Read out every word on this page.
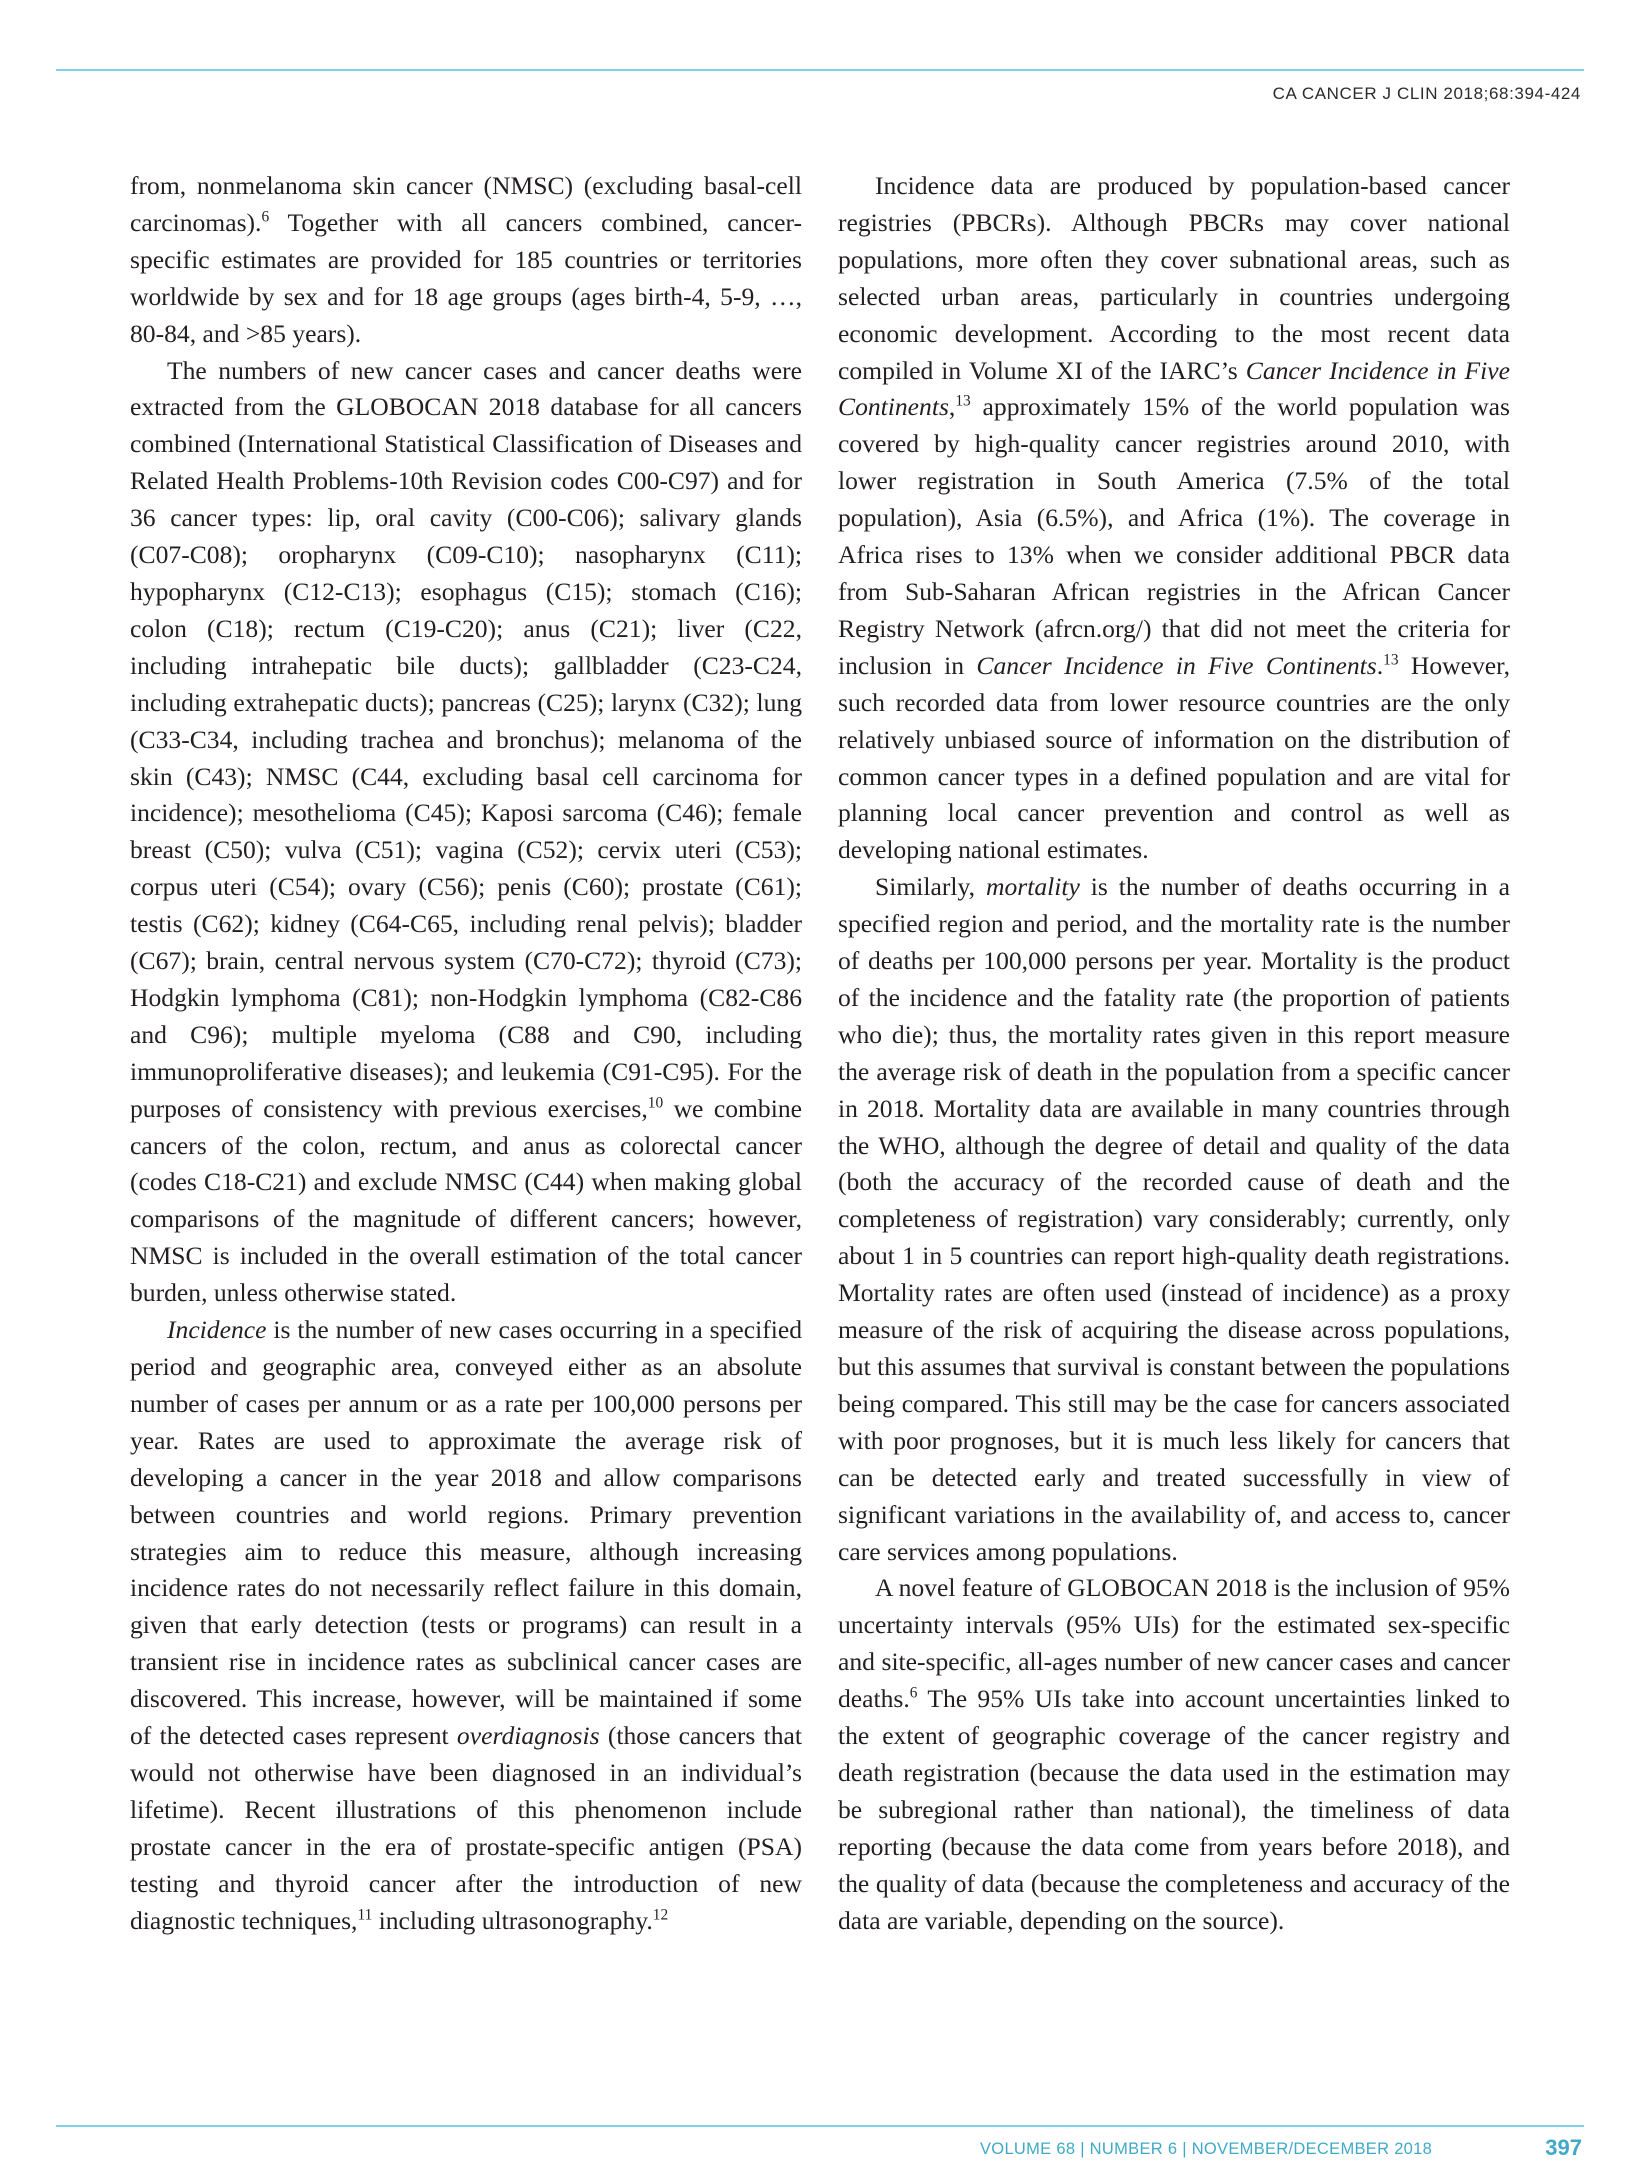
CA CANCER J CLIN 2018;68:394-424

from, nonmelanoma skin cancer (NMSC) (excluding basal-cell carcinomas).$^6$ Together with all cancers combined, cancer-specific estimates are provided for 185 countries or territories worldwide by sex and for 18 age groups (ages birth-4, 5-9, …, 80-84, and >85 years).

The numbers of new cancer cases and cancer deaths were extracted from the GLOBOCAN 2018 database for all cancers combined (International Statistical Classification of Diseases and Related Health Problems-10th Revision codes C00-C97) and for 36 cancer types: lip, oral cavity (C00-C06); salivary glands (C07-C08); oropharynx (C09-C10); nasopharynx (C11); hypopharynx (C12-C13); esophagus (C15); stomach (C16); colon (C18); rectum (C19-C20); anus (C21); liver (C22, including intrahepatic bile ducts); gallbladder (C23-C24, including extrahepatic ducts); pancreas (C25); larynx (C32); lung (C33-C34, including trachea and bronchus); melanoma of the skin (C43); NMSC (C44, excluding basal cell carcinoma for incidence); mesothelioma (C45); Kaposi sarcoma (C46); female breast (C50); vulva (C51); vagina (C52); cervix uteri (C53); corpus uteri (C54); ovary (C56); penis (C60); prostate (C61); testis (C62); kidney (C64-C65, including renal pelvis); bladder (C67); brain, central nervous system (C70-C72); thyroid (C73); Hodgkin lymphoma (C81); non-Hodgkin lymphoma (C82-C86 and C96); multiple myeloma (C88 and C90, including immunoproliferative diseases); and leukemia (C91-C95). For the purposes of consistency with previous exercises,$^{10}$ we combine cancers of the colon, rectum, and anus as colorectal cancer (codes C18-C21) and exclude NMSC (C44) when making global comparisons of the magnitude of different cancers; however, NMSC is included in the overall estimation of the total cancer burden, unless otherwise stated.

Incidence is the number of new cases occurring in a specified period and geographic area, conveyed either as an absolute number of cases per annum or as a rate per 100,000 persons per year. Rates are used to approximate the average risk of developing a cancer in the year 2018 and allow comparisons between countries and world regions. Primary prevention strategies aim to reduce this measure, although increasing incidence rates do not necessarily reflect failure in this domain, given that early detection (tests or programs) can result in a transient rise in incidence rates as subclinical cancer cases are discovered. This increase, however, will be maintained if some of the detected cases represent overdiagnosis (those cancers that would not otherwise have been diagnosed in an individual’s lifetime). Recent illustrations of this phenomenon include prostate cancer in the era of prostate-specific antigen (PSA) testing and thyroid cancer after the introduction of new diagnostic techniques,$^{11}$ including ultrasonography.$^{12}$

Incidence data are produced by population-based cancer registries (PBCRs). Although PBCRs may cover national populations, more often they cover subnational areas, such as selected urban areas, particularly in countries undergoing economic development. According to the most recent data compiled in Volume XI of the IARC’s Cancer Incidence in Five Continents,$^{13}$ approximately 15% of the world population was covered by high-quality cancer registries around 2010, with lower registration in South America (7.5% of the total population), Asia (6.5%), and Africa (1%). The coverage in Africa rises to 13% when we consider additional PBCR data from Sub-Saharan African registries in the African Cancer Registry Network (afrcn.org/) that did not meet the criteria for inclusion in Cancer Incidence in Five Continents.$^{13}$ However, such recorded data from lower resource countries are the only relatively unbiased source of information on the distribution of common cancer types in a defined population and are vital for planning local cancer prevention and control as well as developing national estimates.

Similarly, mortality is the number of deaths occurring in a specified region and period, and the mortality rate is the number of deaths per 100,000 persons per year. Mortality is the product of the incidence and the fatality rate (the proportion of patients who die); thus, the mortality rates given in this report measure the average risk of death in the population from a specific cancer in 2018. Mortality data are available in many countries through the WHO, although the degree of detail and quality of the data (both the accuracy of the recorded cause of death and the completeness of registration) vary considerably; currently, only about 1 in 5 countries can report high-quality death registrations. Mortality rates are often used (instead of incidence) as a proxy measure of the risk of acquiring the disease across populations, but this assumes that survival is constant between the populations being compared. This still may be the case for cancers associated with poor prognoses, but it is much less likely for cancers that can be detected early and treated successfully in view of significant variations in the availability of, and access to, cancer care services among populations.

A novel feature of GLOBOCAN 2018 is the inclusion of 95% uncertainty intervals (95% UIs) for the estimated sex-specific and site-specific, all-ages number of new cancer cases and cancer deaths.$^6$ The 95% UIs take into account uncertainties linked to the extent of geographic coverage of the cancer registry and death registration (because the data used in the estimation may be subregional rather than national), the timeliness of data reporting (because the data come from years before 2018), and the quality of data (because the completeness and accuracy of the data are variable, depending on the source).

VOLUME 68 | NUMBER 6 | NOVEMBER/DECEMBER 2018	397
